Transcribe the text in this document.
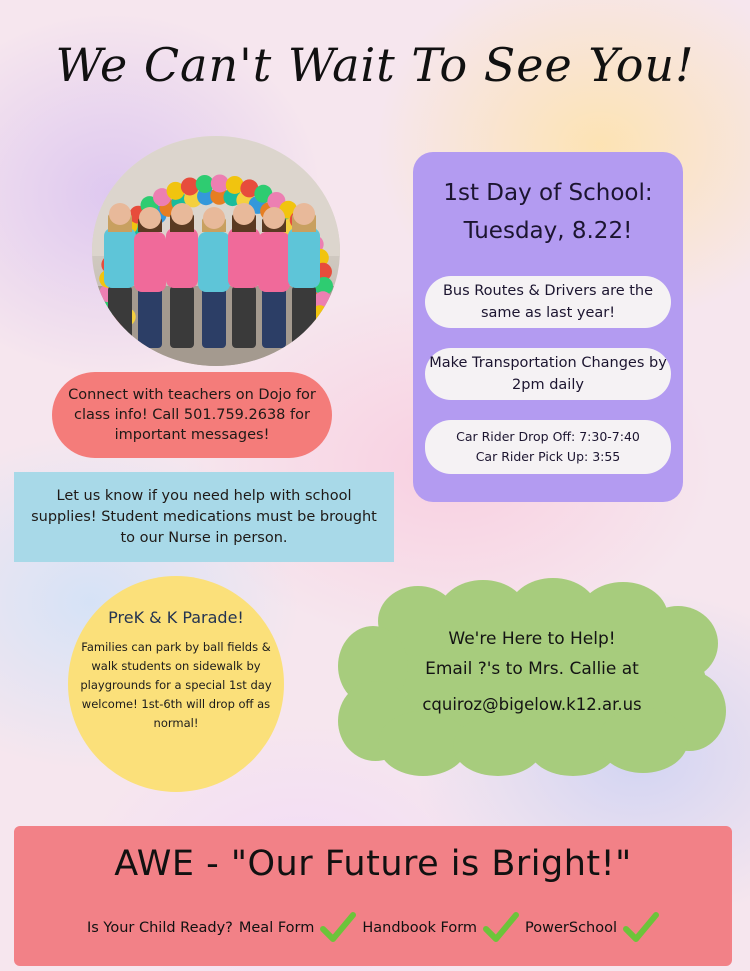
We Can't Wait To See You!
Connect with teachers on Dojo for class info! Call 501.759.2638 for important messages!
Let us know if you need help with school supplies! Student medications must be brought to our Nurse in person.
1st Day of School:
Tuesday, 8.22!
Bus Routes & Drivers are the same as last year!
Make Transportation Changes by 2pm daily
Car Rider Drop Off: 7:30-7:40
Car Rider Pick Up: 3:55
PreK & K Parade!
Families can park by ball fields & walk students on sidewalk by playgrounds for a special 1st day welcome! 1st-6th will drop off as normal!
We're Here to Help!
Email ?'s to Mrs. Callie at
cquiroz@bigelow.k12.ar.us
AWE - "Our Future is Bright!"
Is Your Child Ready? Meal Form	Handbook Form	PowerSchool
